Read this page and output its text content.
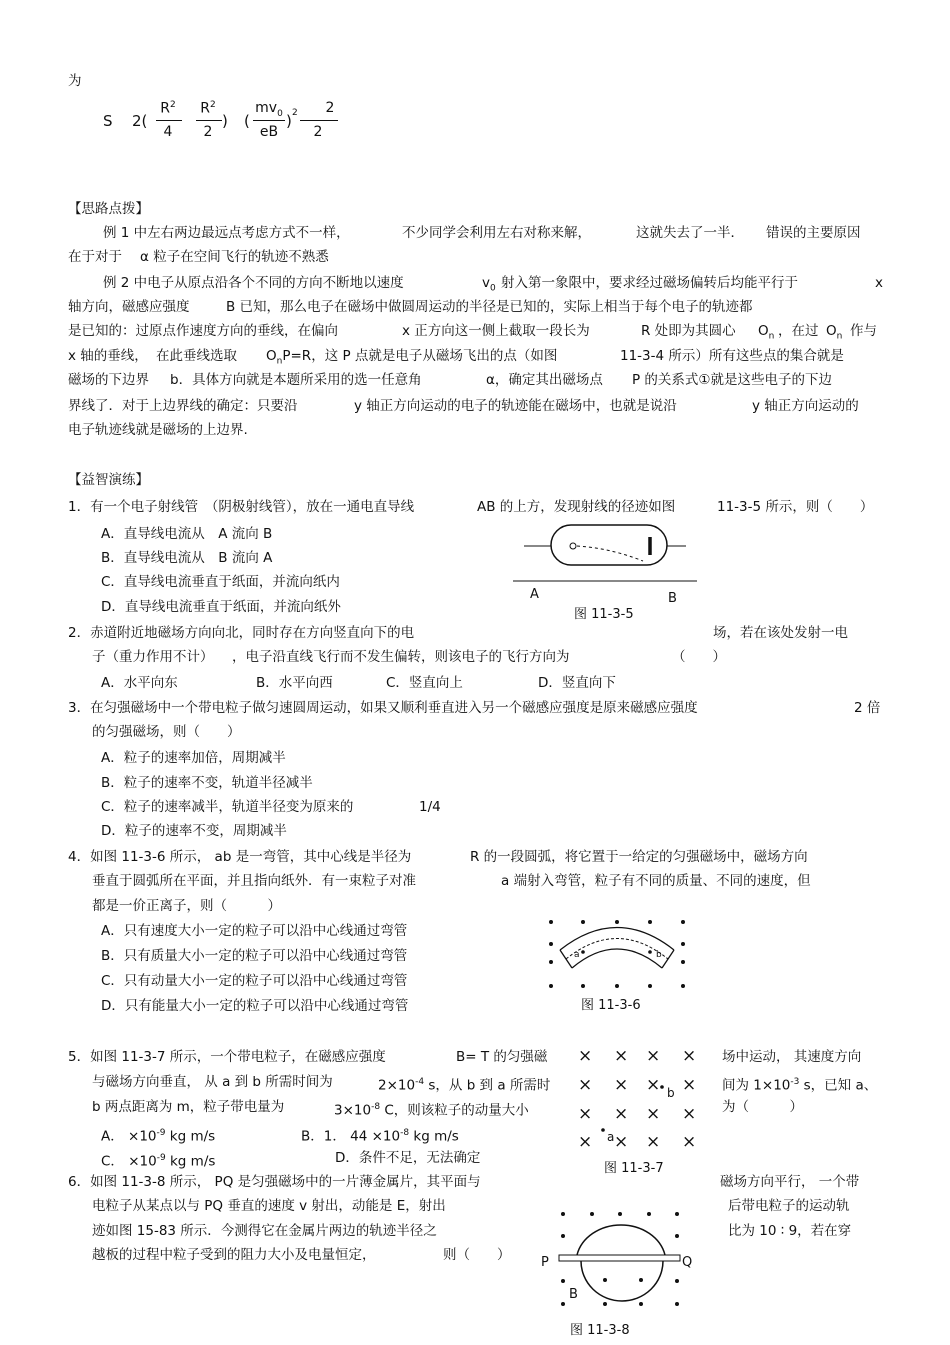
为
S 2(
$R^2$
4
$R^2$
2
) (
$mv_0$
eB
) 2	2
2
【思路点拨】
例 1 中左右两边最远点考虑方式不一样，	不少同学会利用左右对称来解，	这就失去了一半． 错误的主要原因
在于对于 α 粒子在空间飞行的轨迹不熟悉
例 2 中电子从原点沿各个不同的方向不断地以速度	$v_0$ 射入第一象限中，要求经过磁场偏转后均能平行于	x
轴方向，磁感应强度	B 已知，那么电子在磁场中做圆周运动的半径是已知的，实际上相当于每个电子的轨迹都
是已知的：过原点作速度方向的垂线，在偏向	x 正方向这一侧上截取一段长为	R 处即为其圆心 $O_n$ ，在过 $O_n$ 作与
x 轴的垂线， 在此垂线选取 $O_nP=R$，这 P 点就是电子从磁场飞出的点（如图	11-3-4 所示）所有这些点的集合就是
磁场的下边界 b．具体方向就是本题所采用的选一任意角	α，确定其出磁场点 P 的关系式①就是这些电子的下边
界线了．对于上边界线的确定：只要沿	y 轴正方向运动的电子的轨迹能在磁场中，也就是说沿	y 轴正方向运动的
电子轨迹线就是磁场的上边界.
【益智演练】
1．有一个电子射线管　（阴极射线管），放在一通电直导线	AB 的上方，发现射线的径迹如图	11-3-5 所示，则（　　）
A．直导线电流从　A 流向 B
B．直导线电流从　B 流向 A
C．直导线电流垂直于纸面，并流向纸内
D．直导线电流垂直于纸面，并流向纸外
A	B
图 11-3-5
2．赤道附近地磁场方向向北，同时存在方向竖直向下的电	场，若在该处发射一电
子（重力作用不计） ，电子沿直线飞行而不发生偏转，则该电子的飞行方向为	（　　）
A．水平向东	B．水平向西	C．竖直向上	D．竖直向下
3．在匀强磁场中一个带电粒子做匀速圆周运动，如果又顺利垂直进入另一个磁感应强度是原来磁感应强度	2 倍
的匀强磁场，则（　　）
A．粒子的速率加倍，周期减半
B．粒子的速率不变，轨道半径减半
C．粒子的速率减半，轨道半径变为原来的	1/4
D．粒子的速率不变，周期减半
4．如图 11-3-6 所示， ab 是一弯管，其中心线是半径为	R 的一段圆弧，将它置于一给定的匀强磁场中，磁场方向
垂直于圆弧所在平面，并且指向纸外．有一束粒子对准	a 端射入弯管，粒子有不同的质量、不同的速度，但
都是一价正离子，则（　　　）
A．只有速度大小一定的粒子可以沿中心线通过弯管
B．只有质量大小一定的粒子可以沿中心线通过弯管
C．只有动量大小一定的粒子可以沿中心线通过弯管
D．只有能量大小一定的粒子可以沿中心线通过弯管
a	b
图 11-3-6
5．如图 11-3-7 所示，一个带电粒子，在磁感应强度	B= T 的匀强磁	场中运动， 其速度方向
与磁场方向垂直， 从 a 到 b 所需时间为	$2\times 10^{-4}$ s，从 b 到 a 所需时	间为 $1\times 10^{-3}$ s，已知 a、
b 两点距离为 m，粒子带电量为	$3\times 10^{-8}$ C，则该粒子的动量大小	为（　　　）
A． $\times 10^{-9}$ kg m/s	B．1． $44 \times 10^{-8}$ kg m/s
C． $\times 10^{-9}$ kg m/s	D．条件不足，无法确定
× × × ×
× × × ×
× × × ×
× × × ×
b
a
图 11-3-7
6．如图 11-3-8 所示， PQ 是匀强磁场中的一片薄金属片，其平面与	磁场方向平行， 一个带
电粒子从某点以与 PQ 垂直的速度 v 射出，动能是 E，射出	后带电粒子的运动轨
迹如图 15-83 所示．今测得它在金属片两边的轨迹半径之	比为 10 ∶ 9，若在穿
越板的过程中粒子受到的阻力大小及电量恒定，	则（　　） P	Q
B
图 11-3-8
